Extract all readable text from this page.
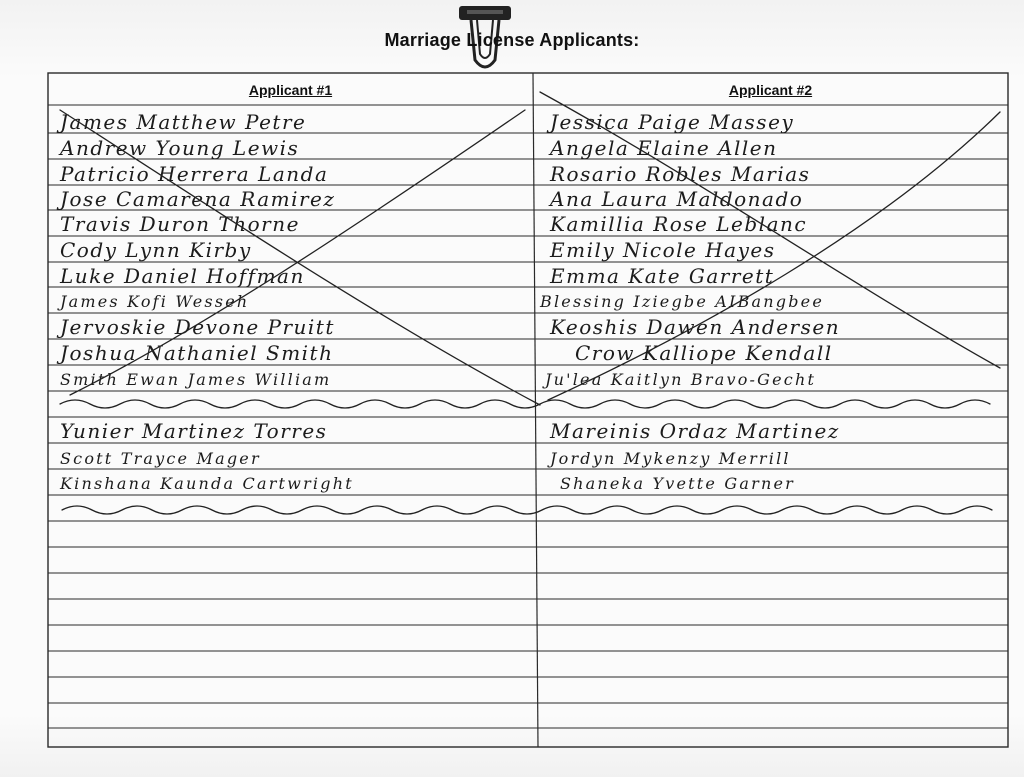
Marriage License Applicants:
Applicant #1	Applicant #2
James Matthew Petre
Andrew Young Lewis
Patricio Herrera Landa
Jose Camarena Ramirez
Travis Duron Thorne
Cody Lynn Kirby
Luke Daniel Hoffman
James Kofi Wesseh
Jervoskie Devone Pruitt
Joshua Nathaniel Smith
Smith Ewan James William
Yunier Martinez Torres
Scott Trayce Mager
Kinshana Kaunda Cartwright
Jessica Paige Massey
Angela Elaine Allen
Rosario Robles Marias
Ana Laura Maldonado
Kamillia Rose Leblanc
Emily Nicole Hayes
Emma Kate Garrett
Blessing Iziegbe AIBangbee
Keoshis Dawen Andersen
Crow Kalliope Kendall
Ju'lea Kaitlyn Bravo-Gecht
Mareinis Ordaz Martinez
Jordyn Mykenzy Merrill
Shaneka Yvette Garner
